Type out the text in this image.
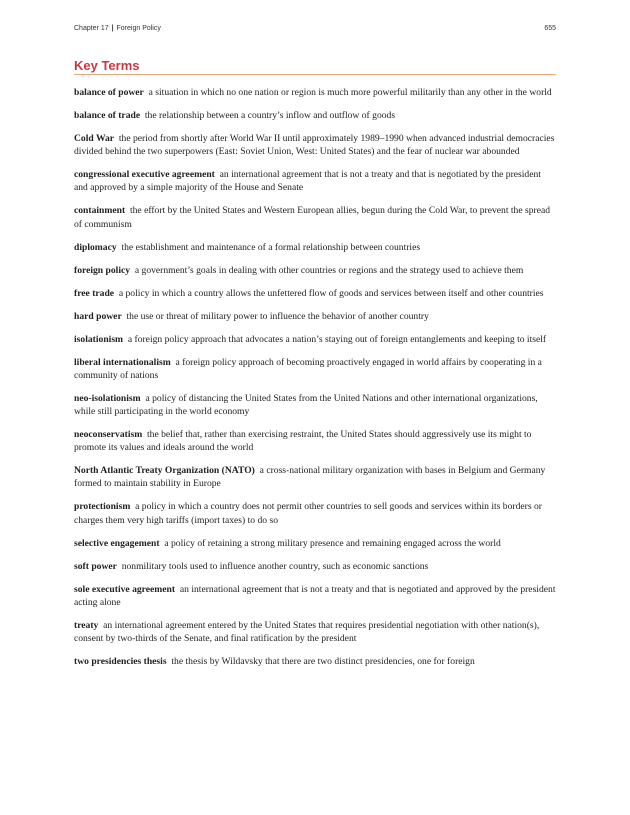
Chapter 17 | Foreign Policy	655
Key Terms

balance of power a situation in which no one nation or region is much more powerful militarily than any other in the world

balance of trade the relationship between a country’s inflow and outflow of goods

Cold War the period from shortly after World War II until approximately 1989–1990 when advanced industrial democracies divided behind the two superpowers (East: Soviet Union, West: United States) and the fear of nuclear war abounded

congressional executive agreement an international agreement that is not a treaty and that is negotiated by the president and approved by a simple majority of the House and Senate

containment the effort by the United States and Western European allies, begun during the Cold War, to prevent the spread of communism

diplomacy the establishment and maintenance of a formal relationship between countries

foreign policy a government’s goals in dealing with other countries or regions and the strategy used to achieve them

free trade a policy in which a country allows the unfettered flow of goods and services between itself and other countries

hard power the use or threat of military power to influence the behavior of another country

isolationism a foreign policy approach that advocates a nation’s staying out of foreign entanglements and keeping to itself

liberal internationalism a foreign policy approach of becoming proactively engaged in world affairs by cooperating in a community of nations

neo-isolationism a policy of distancing the United States from the United Nations and other international organizations, while still participating in the world economy

neoconservatism the belief that, rather than exercising restraint, the United States should aggressively use its might to promote its values and ideals around the world

North Atlantic Treaty Organization (NATO) a cross-national military organization with bases in Belgium and Germany formed to maintain stability in Europe

protectionism a policy in which a country does not permit other countries to sell goods and services within its borders or charges them very high tariffs (import taxes) to do so

selective engagement a policy of retaining a strong military presence and remaining engaged across the world

soft power nonmilitary tools used to influence another country, such as economic sanctions

sole executive agreement an international agreement that is not a treaty and that is negotiated and approved by the president acting alone

treaty an international agreement entered by the United States that requires presidential negotiation with other nation(s), consent by two-thirds of the Senate, and final ratification by the president

two presidencies thesis the thesis by Wildavsky that there are two distinct presidencies, one for foreign
